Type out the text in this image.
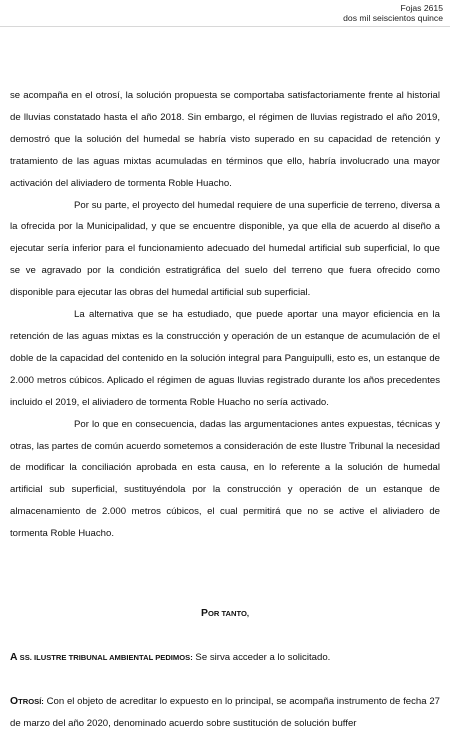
Fojas 2615
dos mil seiscientos quince

se acompaña en el otrosí, la solución propuesta se comportaba satisfactoriamente frente al historial de lluvias constatado hasta el año 2018. Sin embargo, el régimen de lluvias registrado el año 2019, demostró que la solución del humedal se habría visto superado en su capacidad de retención y tratamiento de las aguas mixtas acumuladas en términos que ello, habría involucrado una mayor activación del aliviadero de tormenta Roble Huacho.

Por su parte, el proyecto del humedal requiere de una superficie de terreno, diversa a la ofrecida por la Municipalidad, y que se encuentre disponible, ya que ella de acuerdo al diseño a ejecutar sería inferior para el funcionamiento adecuado del humedal artificial sub superficial, lo que se ve agravado por la condición estratigráfica del suelo del terreno que fuera ofrecido como disponible para ejecutar las obras del humedal artificial sub superficial.

La alternativa que se ha estudiado, que puede aportar una mayor eficiencia en la retención de las aguas mixtas es la construcción y operación de un estanque de acumulación de el doble de la capacidad del contenido en la solución integral para Panguipulli, esto es, un estanque de 2.000 metros cúbicos. Aplicado el régimen de aguas lluvias registrado durante los años precedentes incluido el 2019, el aliviadero de tormenta Roble Huacho no sería activado.

Por lo que en consecuencia, dadas las argumentaciones antes expuestas, técnicas y otras, las partes de común acuerdo sometemos a consideración de este Ilustre Tribunal la necesidad de modificar la conciliación aprobada en esta causa, en lo referente a la solución de humedal artificial sub superficial, sustituyéndola por la construcción y operación de un estanque de almacenamiento de 2.000 metros cúbicos, el cual permitirá que no se active el aliviadero de tormenta Roble Huacho.

POR TANTO,
A SS. ILUSTRE TRIBUNAL AMBIENTAL PEDIMOS: Se sirva acceder a lo solicitado.
OTROSÍ: Con el objeto de acreditar lo expuesto en lo principal, se acompaña instrumento de fecha 27 de marzo del año 2020, denominado acuerdo sobre sustitución de solución buffer
